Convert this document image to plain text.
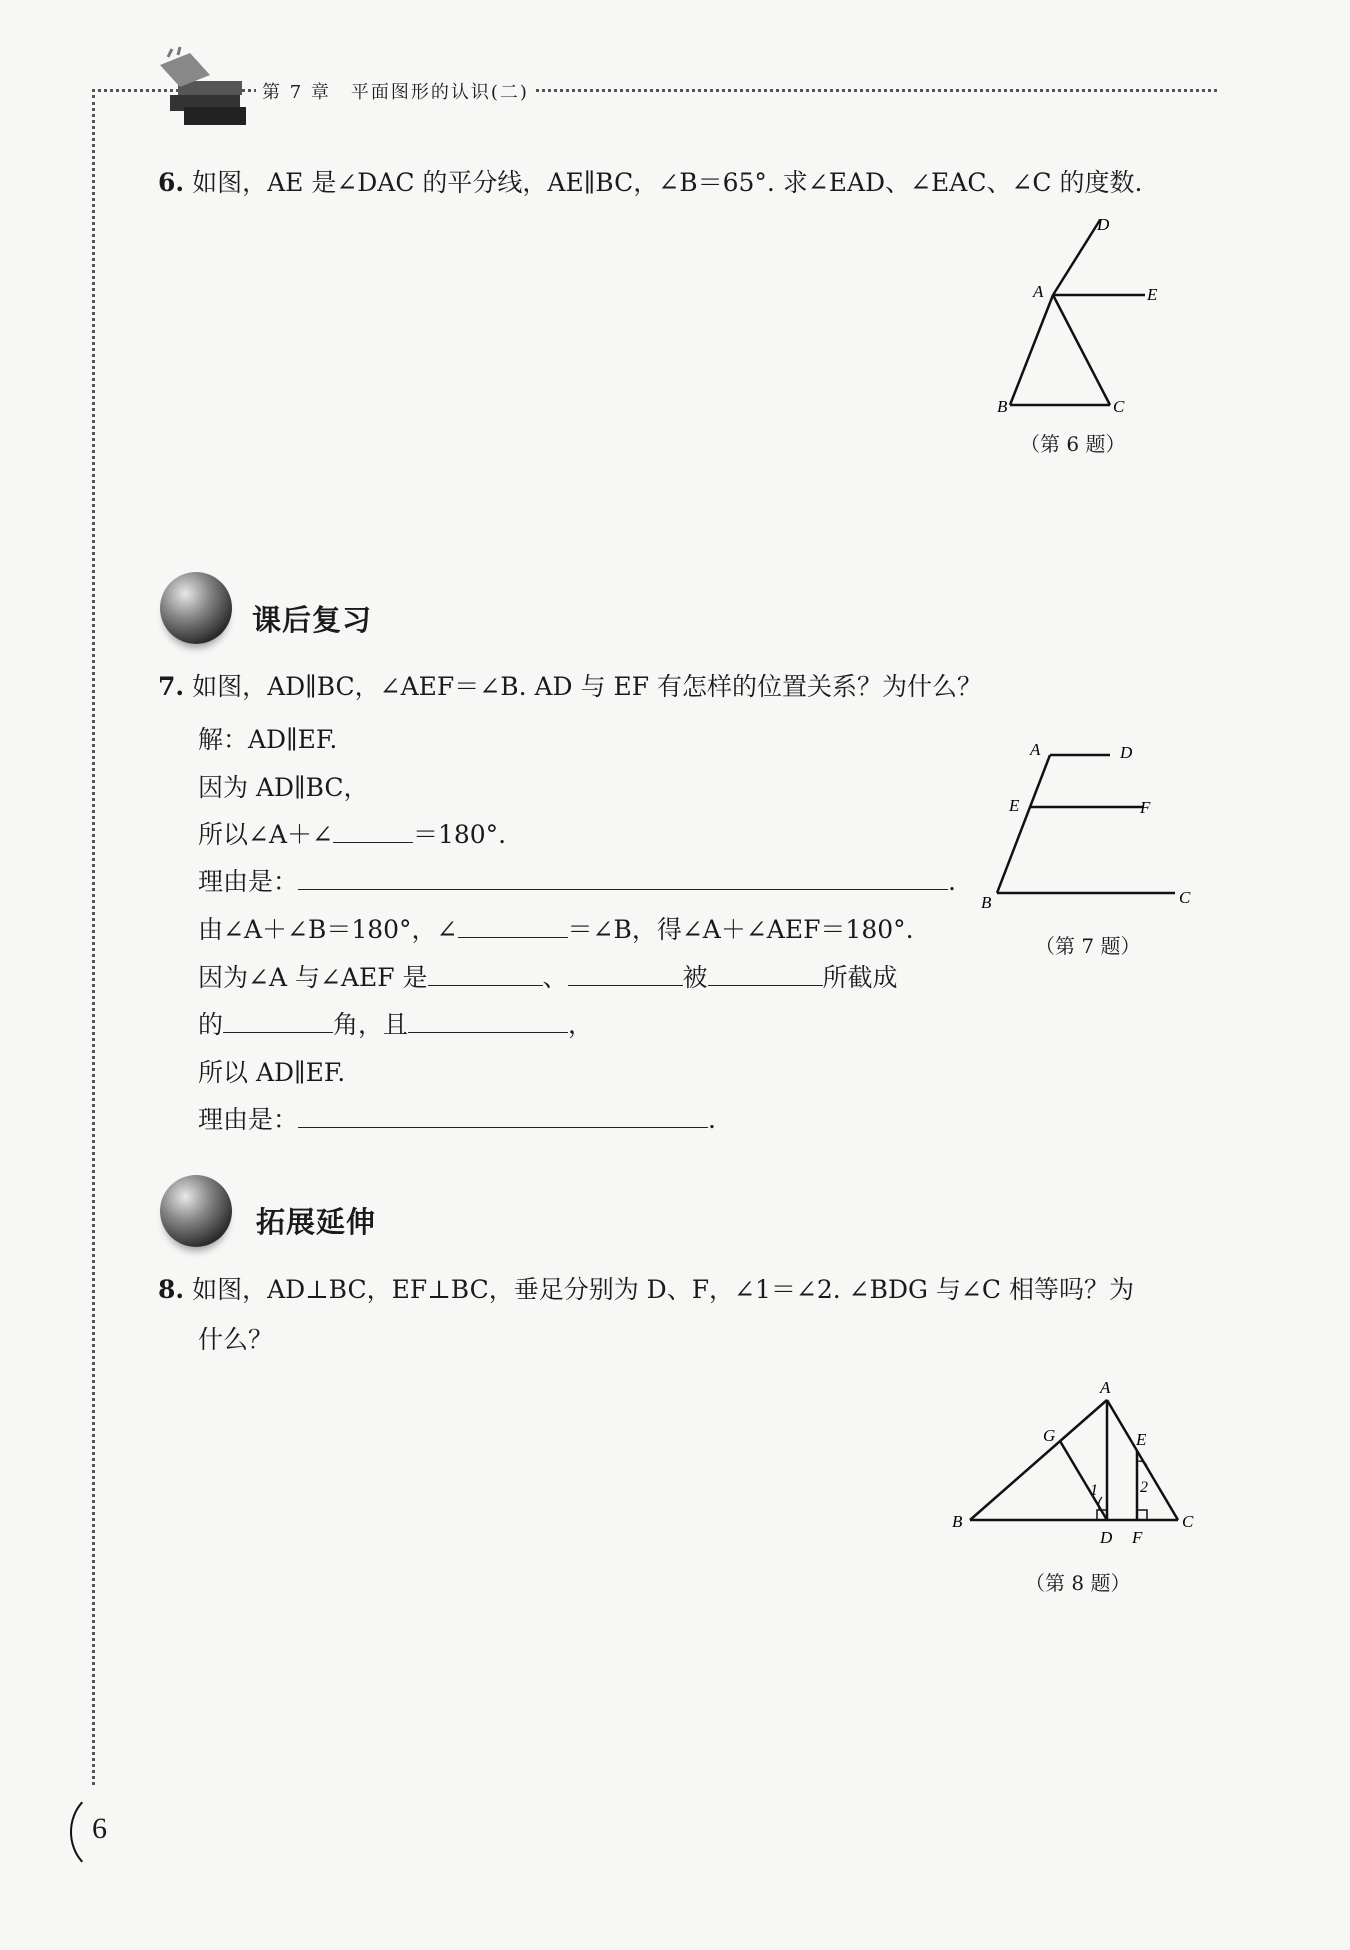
第 7 章　平面图形的认识(二)
6. 如图，AE 是∠DAC 的平分线，AE∥BC，∠B＝65°. 求∠EAD、∠EAC、∠C 的度数.
D
E
A
B	C
（第 6 题）
课后复习
7. 如图，AD∥BC，∠AEF＝∠B. AD 与 EF 有怎样的位置关系？为什么？
解：AD∥EF.
因为 AD∥BC，
所以∠A＋∠	＝180°.
理由是：	.
由∠A＋∠B＝180°，∠	＝∠B，得∠A＋∠AEF＝180°.
因为∠A 与∠AEF 是	、	被	所截成
的	角，且	，
所以 AD∥EF.
理由是：	.
A	D
E	F
B	C
（第 7 题）
拓展延伸
8. 如图，AD⊥BC，EF⊥BC，垂足分别为 D、F，∠1＝∠2. ∠BDG 与∠C 相等吗？为
什么？
1	2
A
G	E
B
D F
C
（第 8 题）
6
